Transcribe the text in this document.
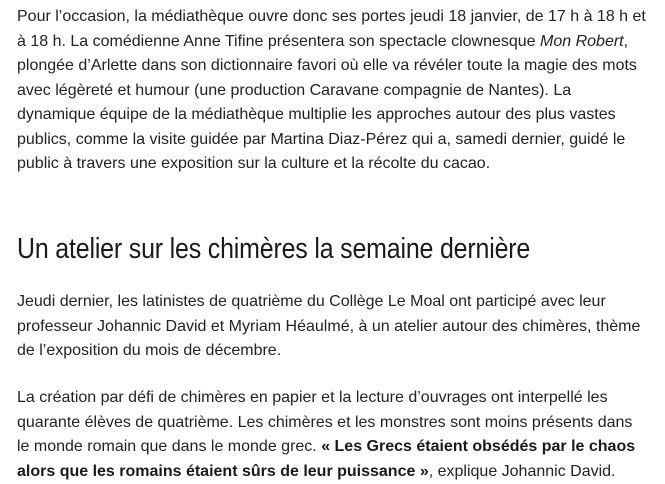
Pour l’occasion, la médiathèque ouvre donc ses portes jeudi 18 janvier, de 17 h à 18 h et à 18 h. La comédienne Anne Tifine présentera son spectacle clownesque Mon Robert, plongée d’Arlette dans son dictionnaire favori où elle va révéler toute la magie des mots avec légèreté et humour (une production Caravane compagnie de Nantes). La dynamique équipe de la médiathèque multiplie les approches autour des plus vastes publics, comme la visite guidée par Martina Diaz-Pérez qui a, samedi dernier, guidé le public à travers une exposition sur la culture et la récolte du cacao.

Un atelier sur les chimères la semaine dernière

Jeudi dernier, les latinistes de quatrième du Collège Le Moal ont participé avec leur professeur Johannic David et Myriam Héaulmé, à un atelier autour des chimères, thème de l’exposition du mois de décembre.

La création par défi de chimères en papier et la lecture d’ouvrages ont interpellé les quarante élèves de quatrième. Les chimères et les monstres sont moins présents dans le monde romain que dans le monde grec. « Les Grecs étaient obsédés par le chaos alors que les romains étaient sûrs de leur puissance », explique Johannic David.
